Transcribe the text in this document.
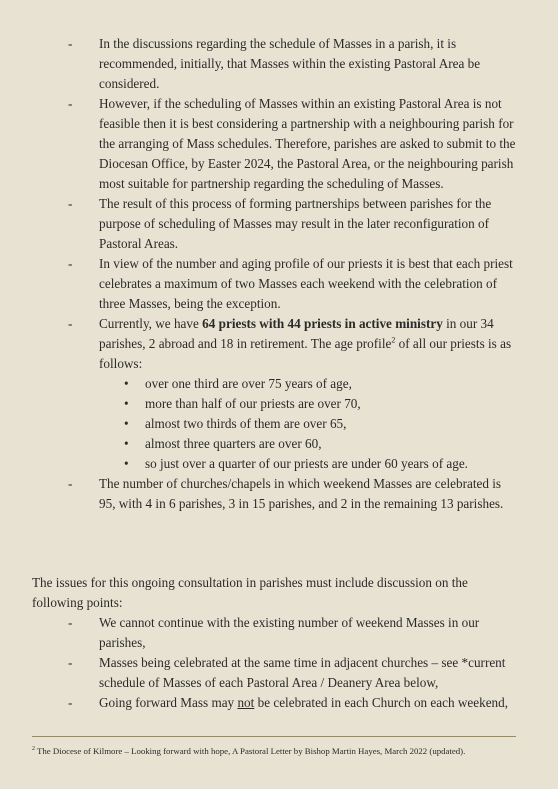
- In the discussions regarding the schedule of Masses in a parish, it is recommended, initially, that Masses within the existing Pastoral Area be considered.
- However, if the scheduling of Masses within an existing Pastoral Area is not feasible then it is best considering a partnership with a neighbouring parish for the arranging of Mass schedules. Therefore, parishes are asked to submit to the Diocesan Office, by Easter 2024, the Pastoral Area, or the neighbouring parish most suitable for partnership regarding the scheduling of Masses.
- The result of this process of forming partnerships between parishes for the purpose of scheduling of Masses may result in the later reconfiguration of Pastoral Areas.
- In view of the number and aging profile of our priests it is best that each priest celebrates a maximum of two Masses each weekend with the celebration of three Masses, being the exception.
- Currently, we have 64 priests with 44 priests in active ministry in our 34 parishes, 2 abroad and 18 in retirement. The age profile$^2$ of all our priests is as follows:
• over one third are over 75 years of age,
• more than half of our priests are over 70,
• almost two thirds of them are over 65,
• almost three quarters are over 60,
• so just over a quarter of our priests are under 60 years of age.
- The number of churches/chapels in which weekend Masses are celebrated is 95, with 4 in 6 parishes, 3 in 15 parishes, and 2 in the remaining 13 parishes.

The issues for this ongoing consultation in parishes must include discussion on the following points:

- We cannot continue with the existing number of weekend Masses in our parishes,
- Masses being celebrated at the same time in adjacent churches – see *current schedule of Masses of each Pastoral Area / Deanery Area below,
- Going forward Mass may not be celebrated in each Church on each weekend,
$^2$ The Diocese of Kilmore – Looking forward with hope, A Pastoral Letter by Bishop Martin Hayes, March 2022 (updated).
